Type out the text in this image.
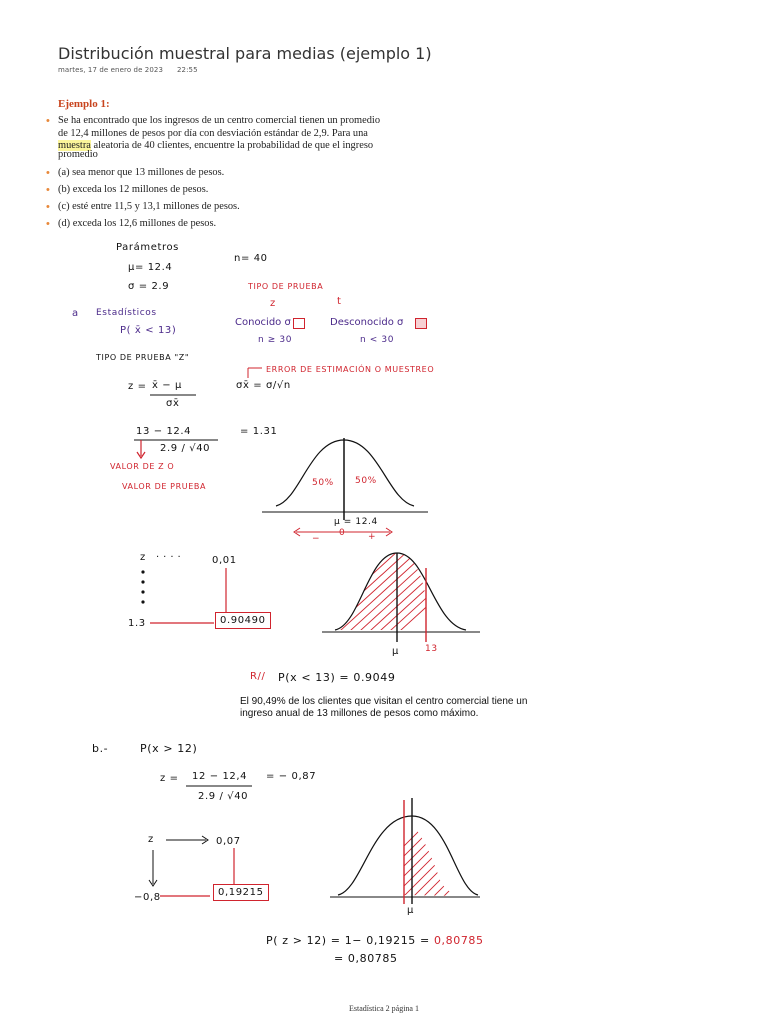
Distribución muestral para medias (ejemplo 1)
martes, 17 de enero de 2023 22:55
Ejemplo 1:
• Se ha encontrado que los ingresos de un centro comercial tienen un promedio
de 12,4 millones de pesos por día con desviación estándar de 2,9. Para una
muestra aleatoria de 40 clientes, encuentre la probabilidad de que el ingreso
promedio
• (a) sea menor que 13 millones de pesos.
• (b) exceda los 12 millones de pesos.
• (c) esté entre 11,5 y 13,1 millones de pesos.
• (d) exceda los 12,6 millones de pesos.
Parámetros
μ= 12.4
σ = 2.9
n= 40
TIPO DE PRUEBA
z	t
Conocido σ	Desconocido σ
n ≥ 30	n < 30
a Estadísticos
P( x̄ < 13)
TIPO DE PRUEBA "Z"
ERROR DE ESTIMACIÓN O MUESTREO
z = x̄ − μ
σx̄
σx̄ = σ/√n
13 − 12.4
2.9 / √40
= 1.31
VALOR DE Z O
VALOR DE PRUEBA	50% 50%
μ = 12.4
0
−	+
z ····	0,01
1.3	0.90490
μ	13
R// P(x < 13) = 0.9049
El 90,49% de los clientes que visitan el centro comercial tiene un
ingreso anual de 13 millones de pesos como máximo.
b.-	P(x > 12)
z = 12 − 12,4
2.9 / √40
= − 0,87
z	0,07
−0,8	0,19215
μ
P( z > 12) = 1− 0,19215 = 0,80785
= 0,80785
Estadística 2 página 1
